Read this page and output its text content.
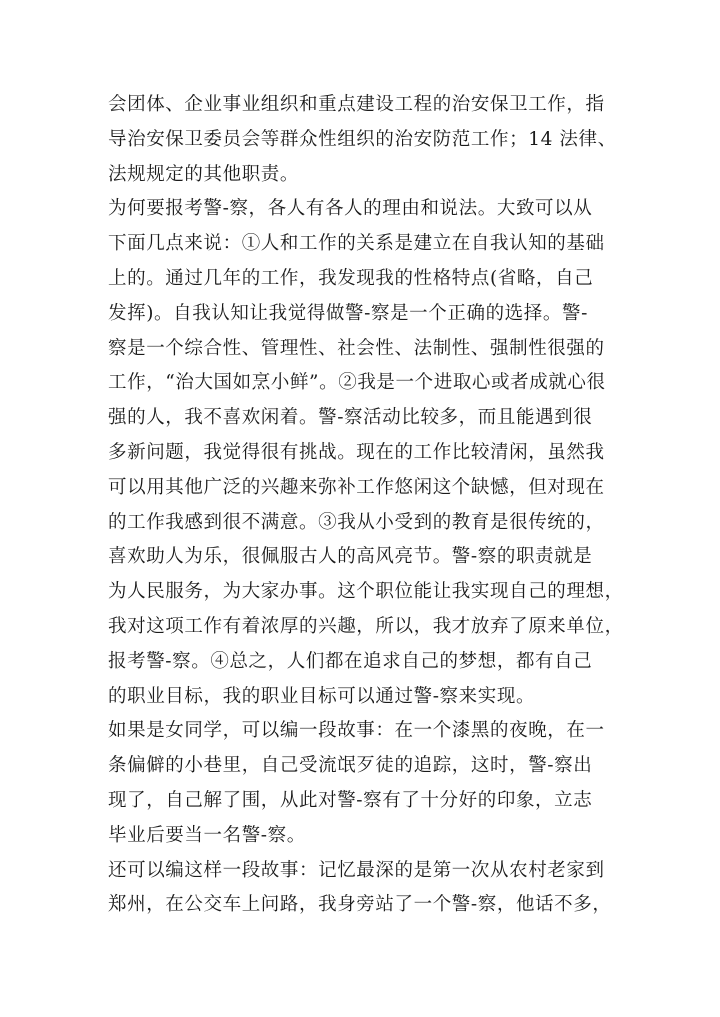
会团体、企业事业组织和重点建设工程的治安保卫工作，指
导治安保卫委员会等群众性组织的治安防范工作；14 法律、
法规规定的其他职责。
为何要报考警-察，各人有各人的理由和说法。大致可以从
下面几点来说：①人和工作的关系是建立在自我认知的基础
上的。通过几年的工作，我发现我的性格特点(省略，自己
发挥)。自我认知让我觉得做警-察是一个正确的选择。警-
察是一个综合性、管理性、社会性、法制性、强制性很强的
工作，“治大国如烹小鲜”。②我是一个进取心或者成就心很
强的人，我不喜欢闲着。警-察活动比较多，而且能遇到很
多新问题，我觉得很有挑战。现在的工作比较清闲，虽然我
可以用其他广泛的兴趣来弥补工作悠闲这个缺憾，但对现在
的工作我感到很不满意。③我从小受到的教育是很传统的，
喜欢助人为乐，很佩服古人的高风亮节。警-察的职责就是
为人民服务，为大家办事。这个职位能让我实现自己的理想，
我对这项工作有着浓厚的兴趣，所以，我才放弃了原来单位，
报考警-察。④总之，人们都在追求自己的梦想，都有自己
的职业目标，我的职业目标可以通过警-察来实现。
如果是女同学，可以编一段故事：在一个漆黑的夜晚，在一
条偏僻的小巷里，自己受流氓歹徒的追踪，这时，警-察出
现了，自己解了围，从此对警-察有了十分好的印象，立志
毕业后要当一名警-察。
还可以编这样一段故事：记忆最深的是第一次从农村老家到
郑州，在公交车上问路，我身旁站了一个警-察，他话不多，
